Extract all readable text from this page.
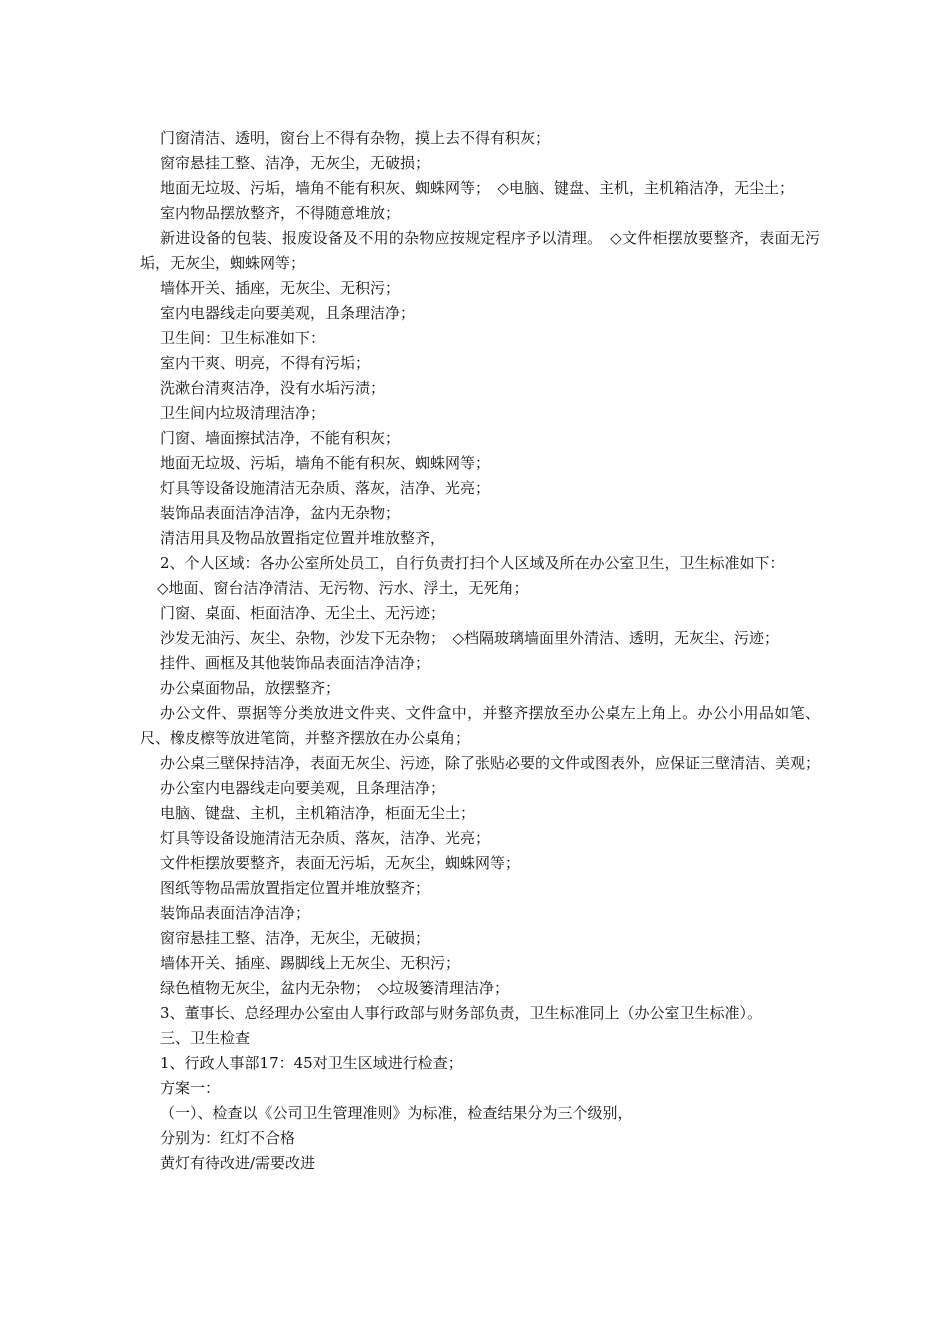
门窗清洁、透明，窗台上不得有杂物，摸上去不得有积灰；
窗帘悬挂工整、洁净，无灰尘，无破损；
地面无垃圾、污垢，墙角不能有积灰、蜘蛛网等；　◇电脑、键盘、主机，主机箱洁净，无尘土；
室内物品摆放整齐，不得随意堆放；
新进设备的包装、报废设备及不用的杂物应按规定程序予以清理。　◇文件柜摆放要整齐，表面无污垢，无灰尘，蜘蛛网等；
墙体开关、插座，无灰尘、无积污；
室内电器线走向要美观，且条理洁净；
卫生间：卫生标准如下：
室内干爽、明亮，不得有污垢；
洗漱台清爽洁净，没有水垢污渍；
卫生间内垃圾清理洁净；
门窗、墙面擦拭洁净，不能有积灰；
地面无垃圾、污垢，墙角不能有积灰、蜘蛛网等；
灯具等设备设施清洁无杂质、落灰，洁净、光亮；
装饰品表面洁净洁净，盆内无杂物；
清洁用具及物品放置指定位置并堆放整齐，
2、个人区域：各办公室所处员工，自行负责打扫个人区域及所在办公室卫生，卫生标准如下：
◇地面、窗台洁净清洁、无污物、污水、浮土，无死角；
门窗、桌面、柜面洁净、无尘土、无污迹；
沙发无油污、灰尘、杂物，沙发下无杂物；　◇档隔玻璃墙面里外清洁、透明，无灰尘、污迹；
挂件、画框及其他装饰品表面洁净洁净；
办公桌面物品，放摆整齐；
办公文件、票据等分类放进文件夹、文件盒中，并整齐摆放至办公桌左上角上。办公小用品如笔、尺、橡皮檫等放进笔筒，并整齐摆放在办公桌角；
办公桌三壁保持洁净，表面无灰尘、污迹，除了张贴必要的文件或图表外，应保证三壁清洁、美观；
办公室内电器线走向要美观，且条理洁净；
电脑、键盘、主机，主机箱洁净，柜面无尘土；
灯具等设备设施清洁无杂质、落灰，洁净、光亮；
文件柜摆放要整齐，表面无污垢，无灰尘，蜘蛛网等；
图纸等物品需放置指定位置并堆放整齐；
装饰品表面洁净洁净；
窗帘悬挂工整、洁净，无灰尘，无破损；
墙体开关、插座、踢脚线上无灰尘、无积污；
绿色植物无灰尘，盆内无杂物；　◇垃圾篓清理洁净；
3、董事长、总经理办公室由人事行政部与财务部负责，卫生标准同上（办公室卫生标准）。
三、卫生检查
1、行政人事部17：45对卫生区域进行检查；
方案一：
（一）、检查以《公司卫生管理准则》为标准，检查结果分为三个级别，
分别为：红灯不合格
黄灯有待改进/需要改进
